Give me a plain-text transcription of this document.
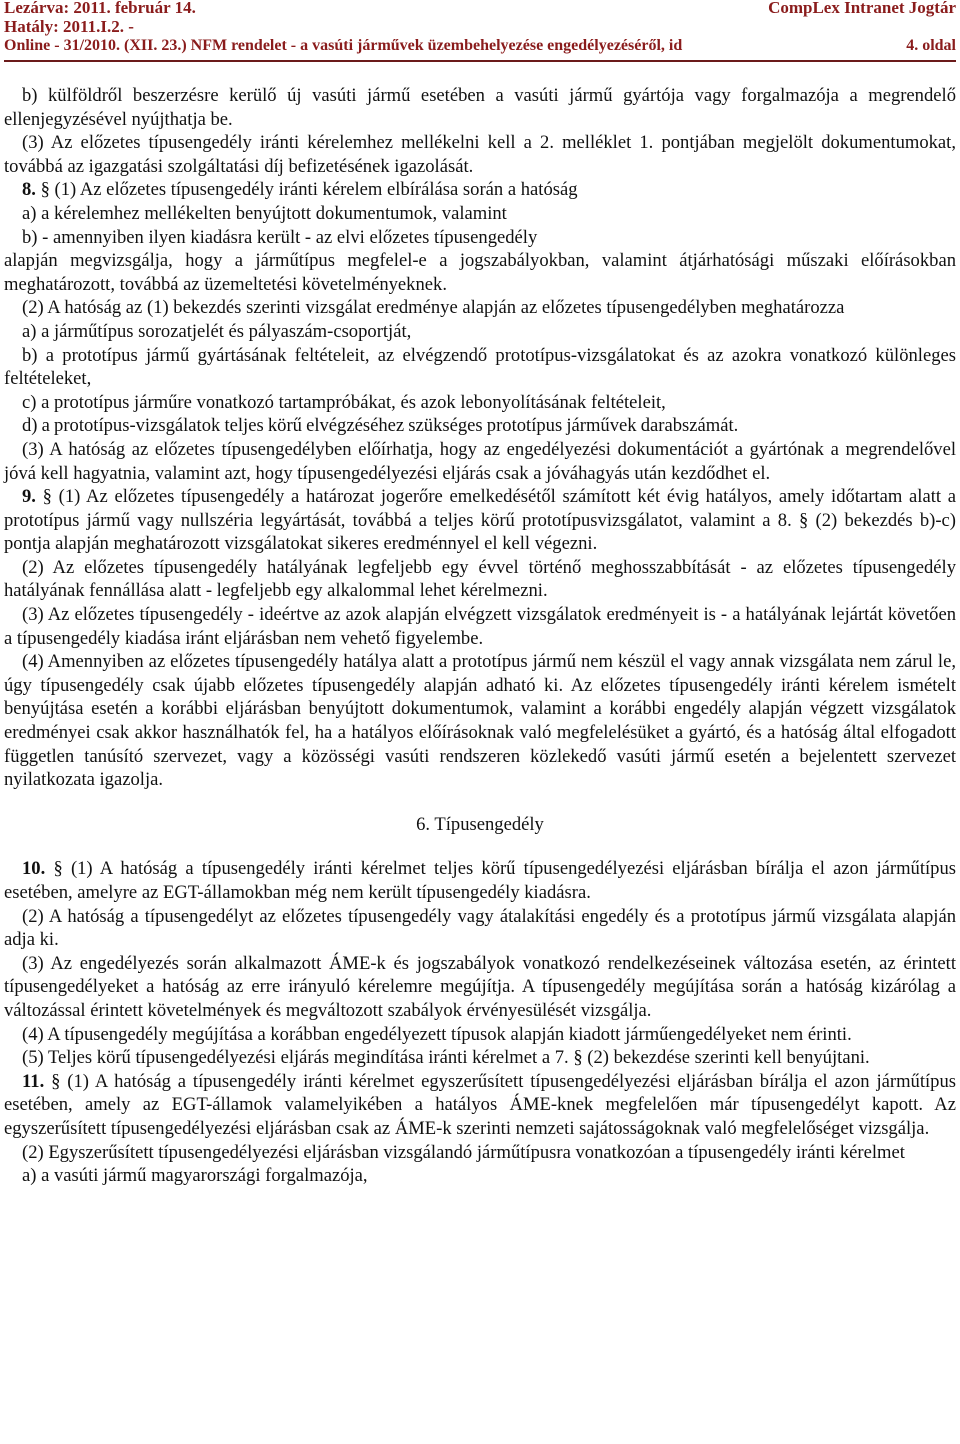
Lezárva: 2011. február 14.	CompLex Intranet Jogtár
Hatály: 2011.I.2. -
Online - 31/2010. (XII. 23.) NFM rendelet - a vasúti járművek üzembehelyezése engedélyezéséről, id	4. oldal

b) külföldről beszerzésre kerülő új vasúti jármű esetében a vasúti jármű gyártója vagy forgalmazója a megrendelő ellenjegyzésével nyújthatja be.

(3) Az előzetes típusengedély iránti kérelemhez mellékelni kell a 2. melléklet 1. pontjában megjelölt dokumentumokat, továbbá az igazgatási szolgáltatási díj befizetésének igazolását.

8. § (1) Az előzetes típusengedély iránti kérelem elbírálása során a hatóság

a) a kérelemhez mellékelten benyújtott dokumentumok, valamint

b) - amennyiben ilyen kiadásra került - az elvi előzetes típusengedély

alapján megvizsgálja, hogy a járműtípus megfelel-e a jogszabályokban, valamint átjárhatósági műszaki előírásokban meghatározott, továbbá az üzemeltetési követelményeknek.

(2) A hatóság az (1) bekezdés szerinti vizsgálat eredménye alapján az előzetes típusengedélyben meghatározza

a) a járműtípus sorozatjelét és pályaszám-csoportját,

b) a prototípus jármű gyártásának feltételeit, az elvégzendő prototípus-vizsgálatokat és az azokra vonatkozó különleges feltételeket,

c) a prototípus járműre vonatkozó tartampróbákat, és azok lebonyolításának feltételeit,

d) a prototípus-vizsgálatok teljes körű elvégzéséhez szükséges prototípus járművek darabszámát.

(3) A hatóság az előzetes típusengedélyben előírhatja, hogy az engedélyezési dokumentációt a gyártónak a megrendelővel jóvá kell hagyatnia, valamint azt, hogy típusengedélyezési eljárás csak a jóváhagyás után kezdődhet el.

9. § (1) Az előzetes típusengedély a határozat jogerőre emelkedésétől számított két évig hatályos, amely időtartam alatt a prototípus jármű vagy nullszéria legyártását, továbbá a teljes körű prototípusvizsgálatot, valamint a 8. § (2) bekezdés b)-c) pontja alapján meghatározott vizsgálatokat sikeres eredménnyel el kell végezni.

(2) Az előzetes típusengedély hatályának legfeljebb egy évvel történő meghosszabbítását - az előzetes típusengedély hatályának fennállása alatt - legfeljebb egy alkalommal lehet kérelmezni.

(3) Az előzetes típusengedély - ideértve az azok alapján elvégzett vizsgálatok eredményeit is - a hatályának lejártát követően a típusengedély kiadása iránt eljárásban nem vehető figyelembe.

(4) Amennyiben az előzetes típusengedély hatálya alatt a prototípus jármű nem készül el vagy annak vizsgálata nem zárul le, úgy típusengedély csak újabb előzetes típusengedély alapján adható ki. Az előzetes típusengedély iránti kérelem ismételt benyújtása esetén a korábbi eljárásban benyújtott dokumentumok, valamint a korábbi engedély alapján végzett vizsgálatok eredményei csak akkor használhatók fel, ha a hatályos előírásoknak való megfelelésüket a gyártó, és a hatóság által elfogadott független tanúsító szervezet, vagy a közösségi vasúti rendszeren közlekedő vasúti jármű esetén a bejelentett szervezet nyilatkozata igazolja.

6. Típusengedély

10. § (1) A hatóság a típusengedély iránti kérelmet teljes körű típusengedélyezési eljárásban bírálja el azon járműtípus esetében, amelyre az EGT-államokban még nem került típusengedély kiadásra.

(2) A hatóság a típusengedélyt az előzetes típusengedély vagy átalakítási engedély és a prototípus jármű vizsgálata alapján adja ki.

(3) Az engedélyezés során alkalmazott ÁME-k és jogszabályok vonatkozó rendelkezéseinek változása esetén, az érintett típusengedélyeket a hatóság az erre irányuló kérelemre megújítja. A típusengedély megújítása során a hatóság kizárólag a változással érintett követelmények és megváltozott szabályok érvényesülését vizsgálja.

(4) A típusengedély megújítása a korábban engedélyezett típusok alapján kiadott járműengedélyeket nem érinti.

(5) Teljes körű típusengedélyezési eljárás megindítása iránti kérelmet a 7. § (2) bekezdése szerinti kell benyújtani.

11. § (1) A hatóság a típusengedély iránti kérelmet egyszerűsített típusengedélyezési eljárásban bírálja el azon járműtípus esetében, amely az EGT-államok valamelyikében a hatályos ÁME-knek megfelelően már típusengedélyt kapott. Az egyszerűsített típusengedélyezési eljárásban csak az ÁME-k szerinti nemzeti sajátosságoknak való megfelelőséget vizsgálja.

(2) Egyszerűsített típusengedélyezési eljárásban vizsgálandó járműtípusra vonatkozóan a típusengedély iránti kérelmet

a) a vasúti jármű magyarországi forgalmazója,
